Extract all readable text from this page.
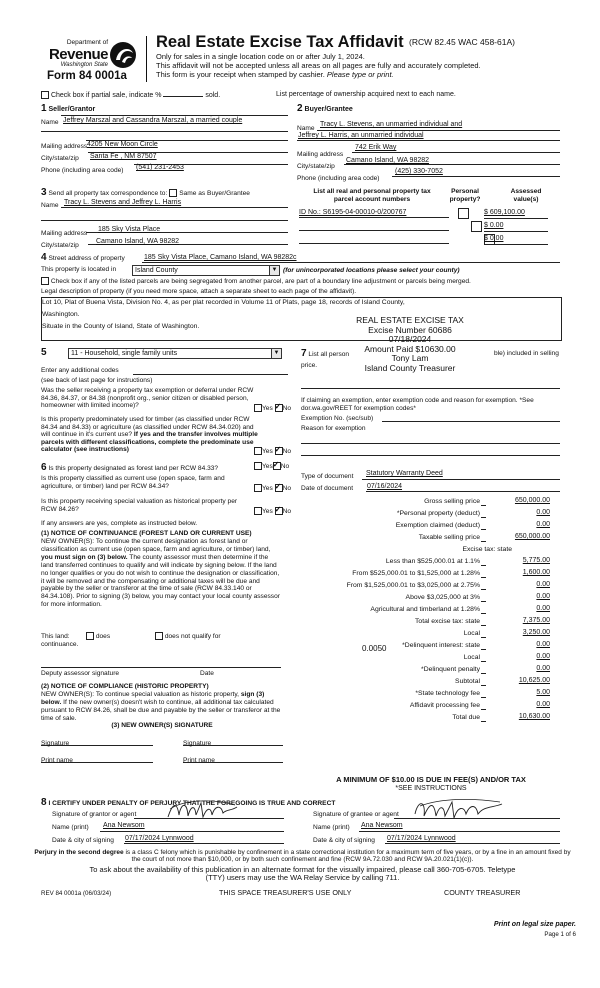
Department of
Revenue
Washington State
Form 84 0001a
Real Estate Excise Tax Affidavit (RCW 82.45 WAC 458-61A)
Only for sales in a single location code on or after July 1, 2024.
This affidavit will not be accepted unless all areas on all pages are fully and accurately completed.
This form is your receipt when stamped by cashier. Please type or print.
Check box if partial sale, indicate %	sold.	List percentage of ownership acquired next to each name.
1 Seller/Grantor
Name Jeffrey Marszal and Cassandra Marszal, a married couple
Mailing address 4205 New Moon Circle
City/state/zip Santa Fe , NM 87507
Phone (including area code) (541) 231-2453
2 Buyer/Grantee
Name
Tracy L. Stevens, an unmarried individual and
Jeffrey L. Harris, an unmarried individual
Mailing address
742 Erik Way
City/state/zip
Camano Island, WA 98282
Phone (including area code)
(425) 330-7052
3 Send all property tax correspondence to: Same as Buyer/Grantee
Name Tracy L. Stevens and Jeffrey L. Harris
Mailing address
185 Sky Vista Place
City/state/zip
Camano Island, WA 98282
List all real and personal property tax
parcel account numbers
Personal
property?
Assessed
value(s)
ID No.: S6195-04-00010-0/200767
	$ 609,100.00

$ 0.00
$ 0.00
4 Street address of property	185 Sky Vista Place, Camano Island, WA 98282c
This property is located in	Island County	▼ (for unincorporated locations please select your county)
Check box if any of the listed parcels are being segregated from another parcel, are part of a boundary line adjustment or parcels being merged.
Legal description of property (if you need more space, attach a separate sheet to each page of the affidavit).
Lot 10, Plat of Buena Vista, Division No. 4, as per plat recorded in Volume 11 of Plats, page 18, records of Island County,
Washington.
Situate in the County of Island, State of Washington.
REAL ESTATE EXCISE TAX
Excise Number 60686
07/18/2024
Amount Paid $10630.00
Tony Lam
Island County Treasurer
5	11 - Household, single family units	▼
Enter any additional codes
(see back of last page for instructions)
Was the seller receiving a property tax exemption or deferral under RCW 84.36, 84.37, or 84.38 (nonprofit org., senior citizen or disabled person, homeowner with limited income)?	Yes ✓ No
Is this property predominately used for timber (as classified under RCW 84.34 and 84.33) or agriculture (as classified under RCW 84.34.020) and will continue in it's current use? If yes and the transfer involves multiple parcels with different classifications, complete the predominate use calculator (see instructions)	Yes ✓ No
6 Is this property designated as forest land per RCW 84.33?	Yes ✓ No
Is this property classified as current use (open space, farm and agriculture, or timber) land per RCW 84.34?	Yes ✓ No
Is this property receiving special valuation as historical property per RCW 84.26?	Yes ✓ No
If any answers are yes, complete as instructed below.
(1) NOTICE OF CONTINUANCE (FOREST LAND OR CURRENT USE)
NEW OWNER(S): To continue the current designation as forest land or classification as current use (open space, farm and agriculture, or timber) land, you must sign on (3) below. The county assessor must then determine if the land transferred continues to qualify and will indicate by signing below. If the land no longer qualifies or you do not wish to continue the designation or classification, it will be removed and the compensating or additional taxes will be due and payable by the seller or transferor at the time of sale (RCW 84.33.140 or 84.34.108). Prior to signing (3) below, you may contact your local county assessor for more information.
This land:
continuance.
does	does not qualify for
Deputy assessor signature	Date
(2) NOTICE OF COMPLIANCE (HISTORIC PROPERTY)
NEW OWNER(S): To continue special valuation as historic property, sign (3) below. If the new owner(s) doesn't wish to continue, all additional tax calculated pursuant to RCW 84.26, shall be due and payable by the seller or transferor at the time of sale.
(3) NEW OWNER(S) SIGNATURE
Signature	Signature
Print name	Print name
7 List all person	ble) included in selling
price.
If claiming an exemption, enter exemption code and reason for exemption. *See dor.wa.gov/REET for exemption codes*
Exemption No. (sec/sub)
Reason for exemption
Type of document Statutory Warranty Deed
Date of document 07/16/2024
Gross selling price	650,000.00
*Personal property (deduct)	0.00
Exemption claimed (deduct)	0.00
Taxable selling price	650,000.00
Excise tax: state
Less than $525,000.01 at 1.1%	5,775.00
From $525,000.01 to $1,525,000 at 1.28%	1,600.00
From $1,525,000.01 to $3,025,000 at 2.75%	0.00
Above $3,025,000 at 3%	0.00
Agricultural and timberland at 1.28%	0.00
Total excise tax: state	7,375.00
Local	3,250.00
*Delinquent interest: state	0.00
Local	0.00
*Delinquent penalty	0.00
Subtotal	10,625.00
*State technology fee	5.00
Affidavit processing fee	0.00
Total due	10,630.00
0.0050
A MINIMUM OF $10.00 IS DUE IN FEE(S) AND/OR TAX
*SEE INSTRUCTIONS
8 I CERTIFY UNDER PENALTY OF PERJURY THAT THE FOREGOING IS TRUE AND CORRECT
Signature of grantor or agent
Name (print) Ana Newsom
Date & city of signing 07/17/2024 Lynnwood
Signature of grantee or agent
Name (print) Ana Newsom
Date & city of signing 07/17/2024 Lynnwood
Perjury in the second degree is a class C felony which is punishable by confinement in a state correctional institution for a maximum term of five years, or by a fine in an amount fixed by the court of not more than $10,000, or by both such confinement and fine (RCW 9A.72.030 and RCW 9A.20.021(1)(c)).
To ask about the availability of this publication in an alternate format for the visually impaired, please call 360-705-6705. Teletype
(TTY) users may use the WA Relay Service by calling 711.
REV 84 0001a (06/03/24)	THIS SPACE TREASURER'S USE ONLY	COUNTY TREASURER
Print on legal size paper.
Page 1 of 6
